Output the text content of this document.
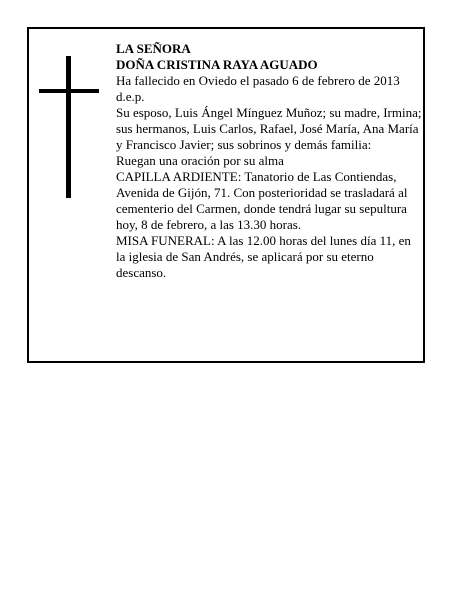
LA SEÑORA

DOÑA CRISTINA RAYA AGUADO

Ha fallecido en Oviedo el pasado 6 de febrero de 2013 d.e.p.

Su esposo, Luis Ángel Mínguez Muñoz; su madre, Irmina; sus hermanos, Luis Carlos, Rafael, José María, Ana María y Francisco Javier; sus sobrinos y demás familia:

Ruegan una oración por su alma

CAPILLA ARDIENTE: Tanatorio de Las Contiendas, Avenida de Gijón, 71. Con posterioridad se trasladará al cementerio del Carmen, donde tendrá lugar su sepultura hoy, 8 de febrero, a las 13.30 horas.

MISA FUNERAL: A las 12.00 horas del lunes día 11, en la iglesia de San Andrés, se aplicará por su eterno descanso.
